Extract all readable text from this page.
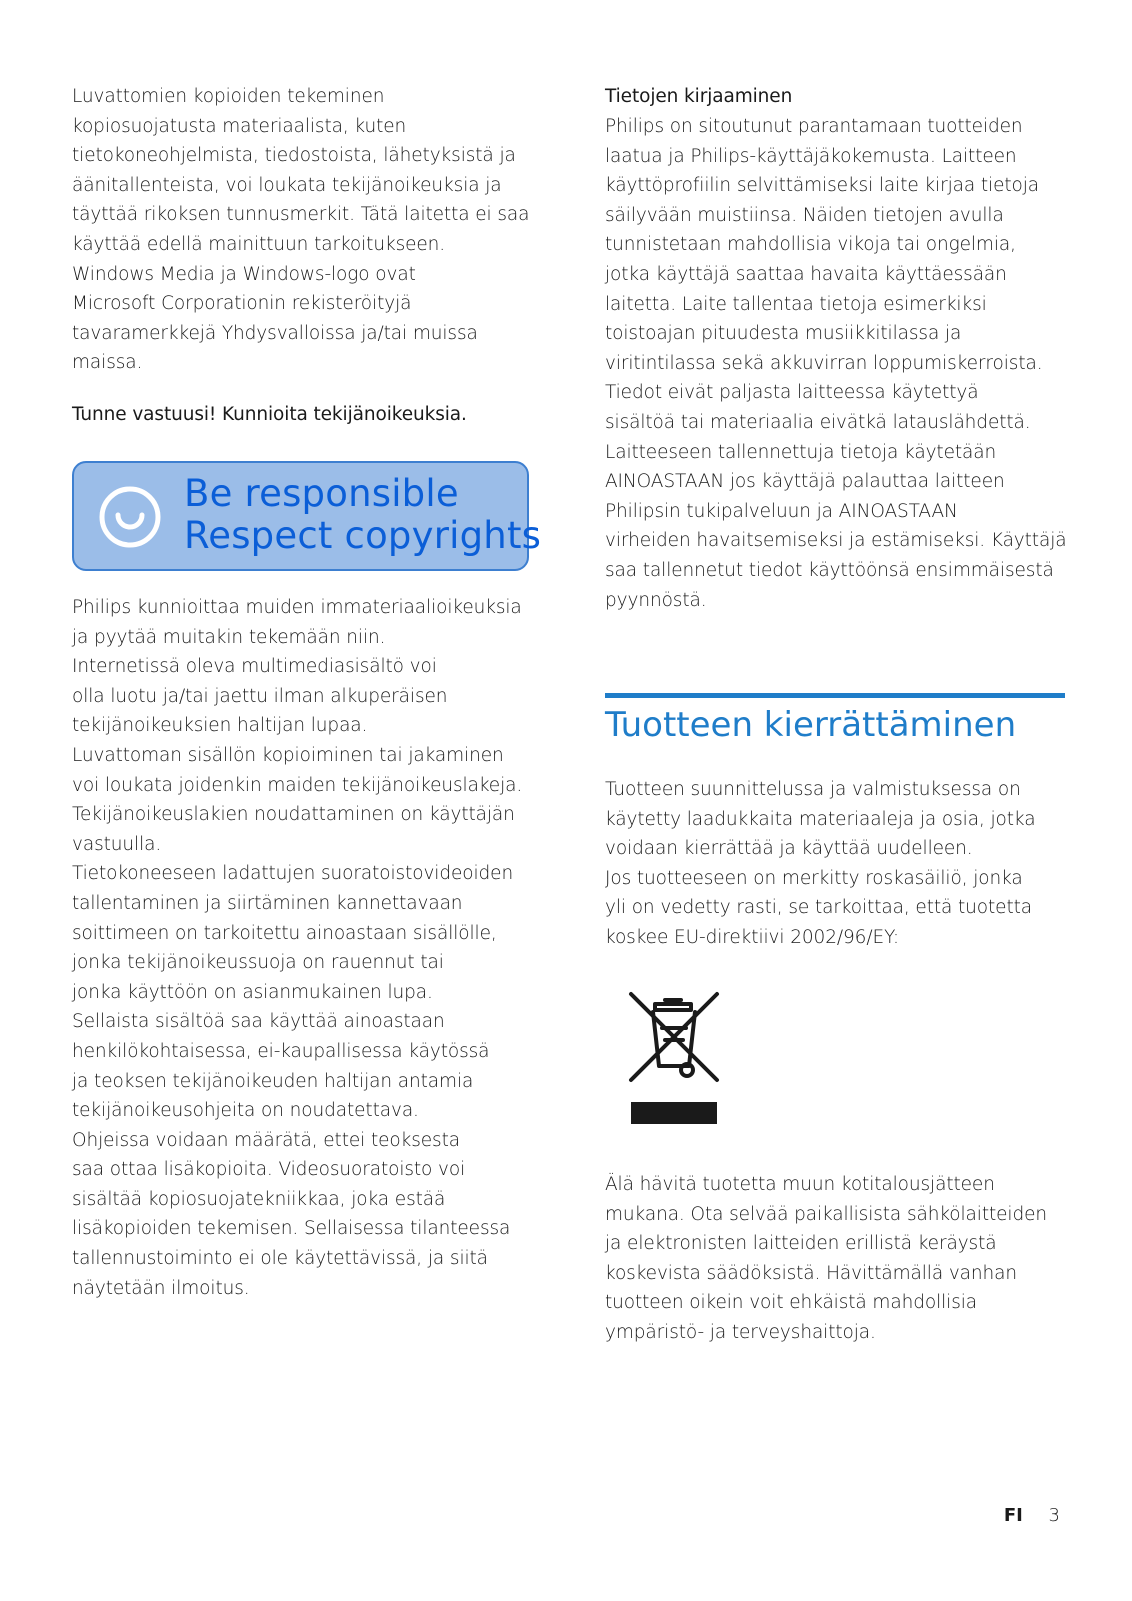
Luvattomien kopioiden tekeminen
kopiosuojatusta materiaalista, kuten
tietokoneohjelmista, tiedostoista, lähetyksistä ja
äänitallenteista, voi loukata tekijänoikeuksia ja
täyttää rikoksen tunnusmerkit. Tätä laitetta ei saa
käyttää edellä mainittuun tarkoitukseen.
Windows Media ja Windows-logo ovat
Microsoft Corporationin rekisteröityjä
tavaramerkkejä Yhdysvalloissa ja/tai muissa
maissa.

Tunne vastuusi! Kunnioita tekijänoikeuksia.

Be responsible
Respect copyrights

Philips kunnioittaa muiden immateriaalioikeuksia
ja pyytää muitakin tekemään niin.
Internetissä oleva multimediasisältö voi
olla luotu ja/tai jaettu ilman alkuperäisen
tekijänoikeuksien haltijan lupaa.
Luvattoman sisällön kopioiminen tai jakaminen
voi loukata joidenkin maiden tekijänoikeuslakeja.
Tekijänoikeuslakien noudattaminen on käyttäjän
vastuulla.
Tietokoneeseen ladattujen suoratoistovideoiden
tallentaminen ja siirtäminen kannettavaan
soittimeen on tarkoitettu ainoastaan sisällölle,
jonka tekijänoikeussuoja on rauennut tai
jonka käyttöön on asianmukainen lupa.
Sellaista sisältöä saa käyttää ainoastaan
henkilökohtaisessa, ei-kaupallisessa käytössä
ja teoksen tekijänoikeuden haltijan antamia
tekijänoikeusohjeita on noudatettava.
Ohjeissa voidaan määrätä, ettei teoksesta
saa ottaa lisäkopioita. Videosuoratoisto voi
sisältää kopiosuojatekniikkaa, joka estää
lisäkopioiden tekemisen. Sellaisessa tilanteessa
tallennustoiminto ei ole käytettävissä, ja siitä
näytetään ilmoitus.

Tietojen kirjaaminen

Philips on sitoutunut parantamaan tuotteiden
laatua ja Philips-käyttäjäkokemusta. Laitteen
käyttöprofiilin selvittämiseksi laite kirjaa tietoja
säilyvään muistiinsa. Näiden tietojen avulla
tunnistetaan mahdollisia vikoja tai ongelmia,
jotka käyttäjä saattaa havaita käyttäessään
laitetta. Laite tallentaa tietoja esimerkiksi
toistoajan pituudesta musiikkitilassa ja
viritintilassa sekä akkuvirran loppumiskerroista.
Tiedot eivät paljasta laitteessa käytettyä
sisältöä tai materiaalia eivätkä latauslähdettä.
Laitteeseen tallennettuja tietoja käytetään
AINOASTAAN jos käyttäjä palauttaa laitteen
Philipsin tukipalveluun ja AINOASTAAN
virheiden havaitsemiseksi ja estämiseksi. Käyttäjä
saa tallennetut tiedot käyttöönsä ensimmäisestä
pyynnöstä.

Tuotteen kierrättäminen

Tuotteen suunnittelussa ja valmistuksessa on
käytetty laadukkaita materiaaleja ja osia, jotka
voidaan kierrättää ja käyttää uudelleen.
Jos tuotteeseen on merkitty roskasäiliö, jonka
yli on vedetty rasti, se tarkoittaa, että tuotetta
koskee EU-direktiivi 2002/96/EY:

Älä hävitä tuotetta muun kotitalousjätteen
mukana. Ota selvää paikallisista sähkölaitteiden
ja elektronisten laitteiden erillistä keräystä
koskevista säädöksistä. Hävittämällä vanhan
tuotteen oikein voit ehkäistä mahdollisia
ympäristö- ja terveyshaittoja.

FI 3
